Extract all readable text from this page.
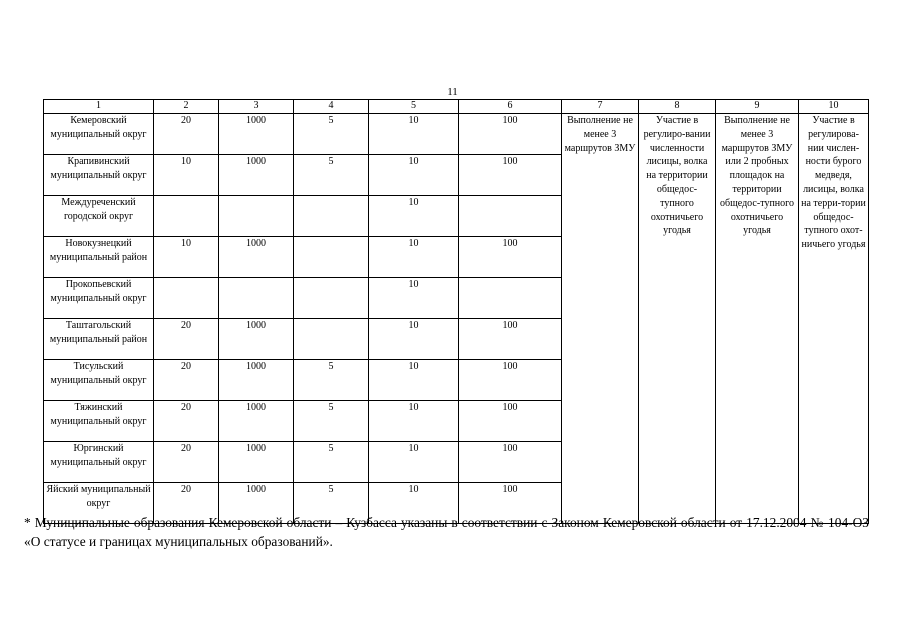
11
1	2	3	4	5	6	7	8	9	10
Кемеровский муниципальный округ	20	1000	5	10	100	Выполнение не менее 3 маршрутов ЗМУ	Участие в регулиро-вании численности лисицы, волка на территории общедос-тупного охотничьего угодья	Выполнение не менее 3 маршрутов ЗМУ или 2 пробных площадок на территории общедос-тупного охотничьего угодья	Участие в регулирова-нии числен-ности бурого медведя, лисицы, волка на терри-тории общедос-тупного охот-ничьего угодья
Крапивинский муниципальный округ	10	1000	5	10	100				
Междуреченский городской округ				10					
Новокузнецкий муниципальный район	10	1000		10	100				
Прокопьевский муниципальный округ				10					
Таштагольский муниципальный район	20	1000		10	100				
Тисульский муниципальный округ	20	1000	5	10	100				
Тяжинский муниципальный округ	20	1000	5	10	100				
Юргинский муниципальный округ	20	1000	5	10	100				
Яйский муниципальный округ	20	1000	5	10	100				
* Муниципальные образования Кемеровской области – Кузбасса указаны в соответствии с Законом Кемеровской области от 17.12.2004 № 104-ОЗ «О статусе и границах муниципальных образований».
